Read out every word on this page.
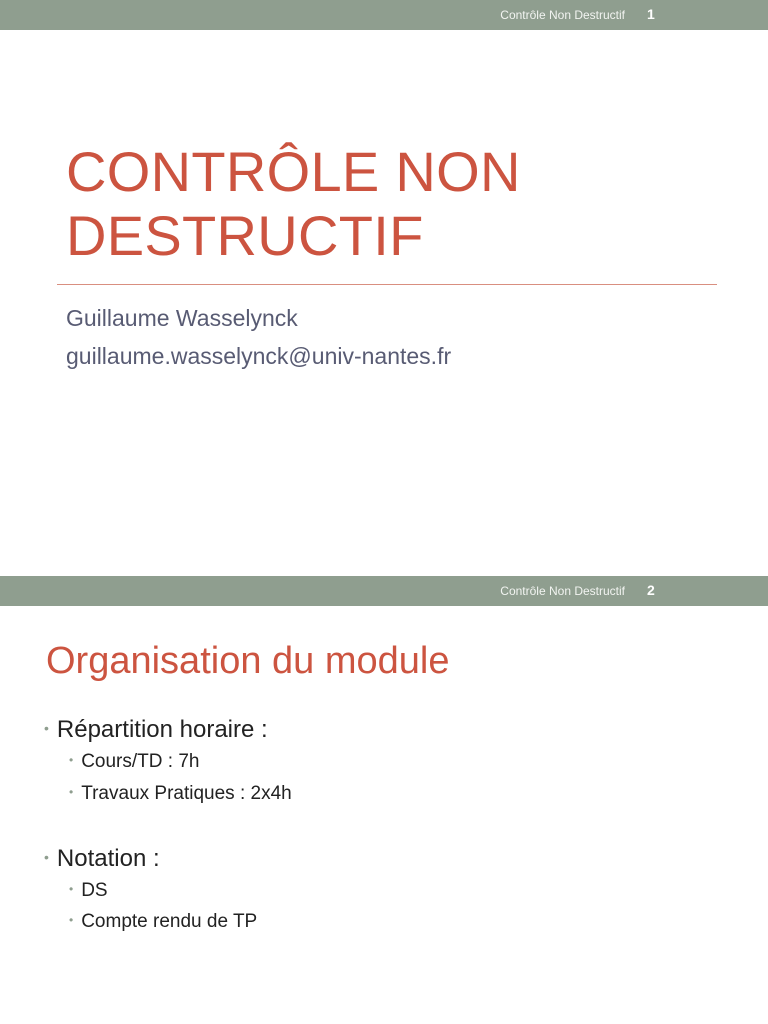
Contrôle Non Destructif 1
CONTRÔLE NON
DESTRUCTIF
Guillaume Wasselynck
guillaume.wasselynck@univ-nantes.fr
Contrôle Non Destructif 2
Organisation du module
• Répartition horaire :
• Cours/TD : 7h
• Travaux Pratiques : 2x4h
• Notation :
• DS
• Compte rendu de TP
